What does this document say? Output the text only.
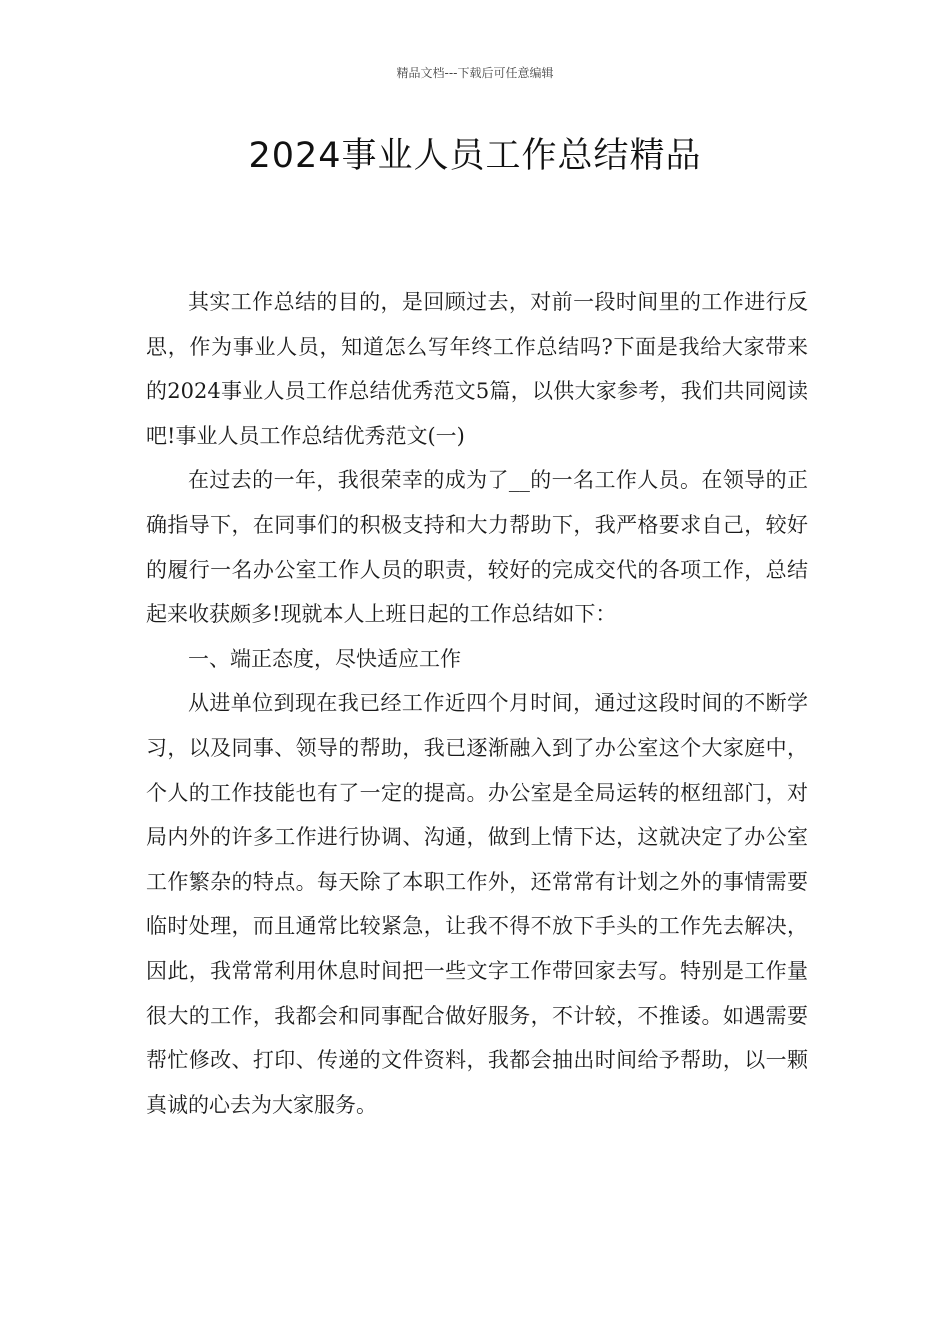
精品文档---下载后可任意编辑
2024事业人员工作总结精品

其实工作总结的目的，是回顾过去，对前一段时间里的工作进行反思，作为事业人员，知道怎么写年终工作总结吗?下面是我给大家带来的2024事业人员工作总结优秀范文5篇，以供大家参考，我们共同阅读吧!事业人员工作总结优秀范文(一)

在过去的一年，我很荣幸的成为了__的一名工作人员。在领导的正确指导下，在同事们的积极支持和大力帮助下，我严格要求自己，较好的履行一名办公室工作人员的职责，较好的完成交代的各项工作，总结起来收获颇多!现就本人上班日起的工作总结如下：

一、端正态度，尽快适应工作

从进单位到现在我已经工作近四个月时间，通过这段时间的不断学习，以及同事、领导的帮助，我已逐渐融入到了办公室这个大家庭中，个人的工作技能也有了一定的提高。办公室是全局运转的枢纽部门，对局内外的许多工作进行协调、沟通，做到上情下达，这就决定了办公室工作繁杂的特点。每天除了本职工作外，还常常有计划之外的事情需要临时处理，而且通常比较紧急，让我不得不放下手头的工作先去解决，因此，我常常利用休息时间把一些文字工作带回家去写。特别是工作量很大的工作，我都会和同事配合做好服务，不计较，不推诿。如遇需要帮忙修改、打印、传递的文件资料，我都会抽出时间给予帮助，以一颗真诚的心去为大家服务。
